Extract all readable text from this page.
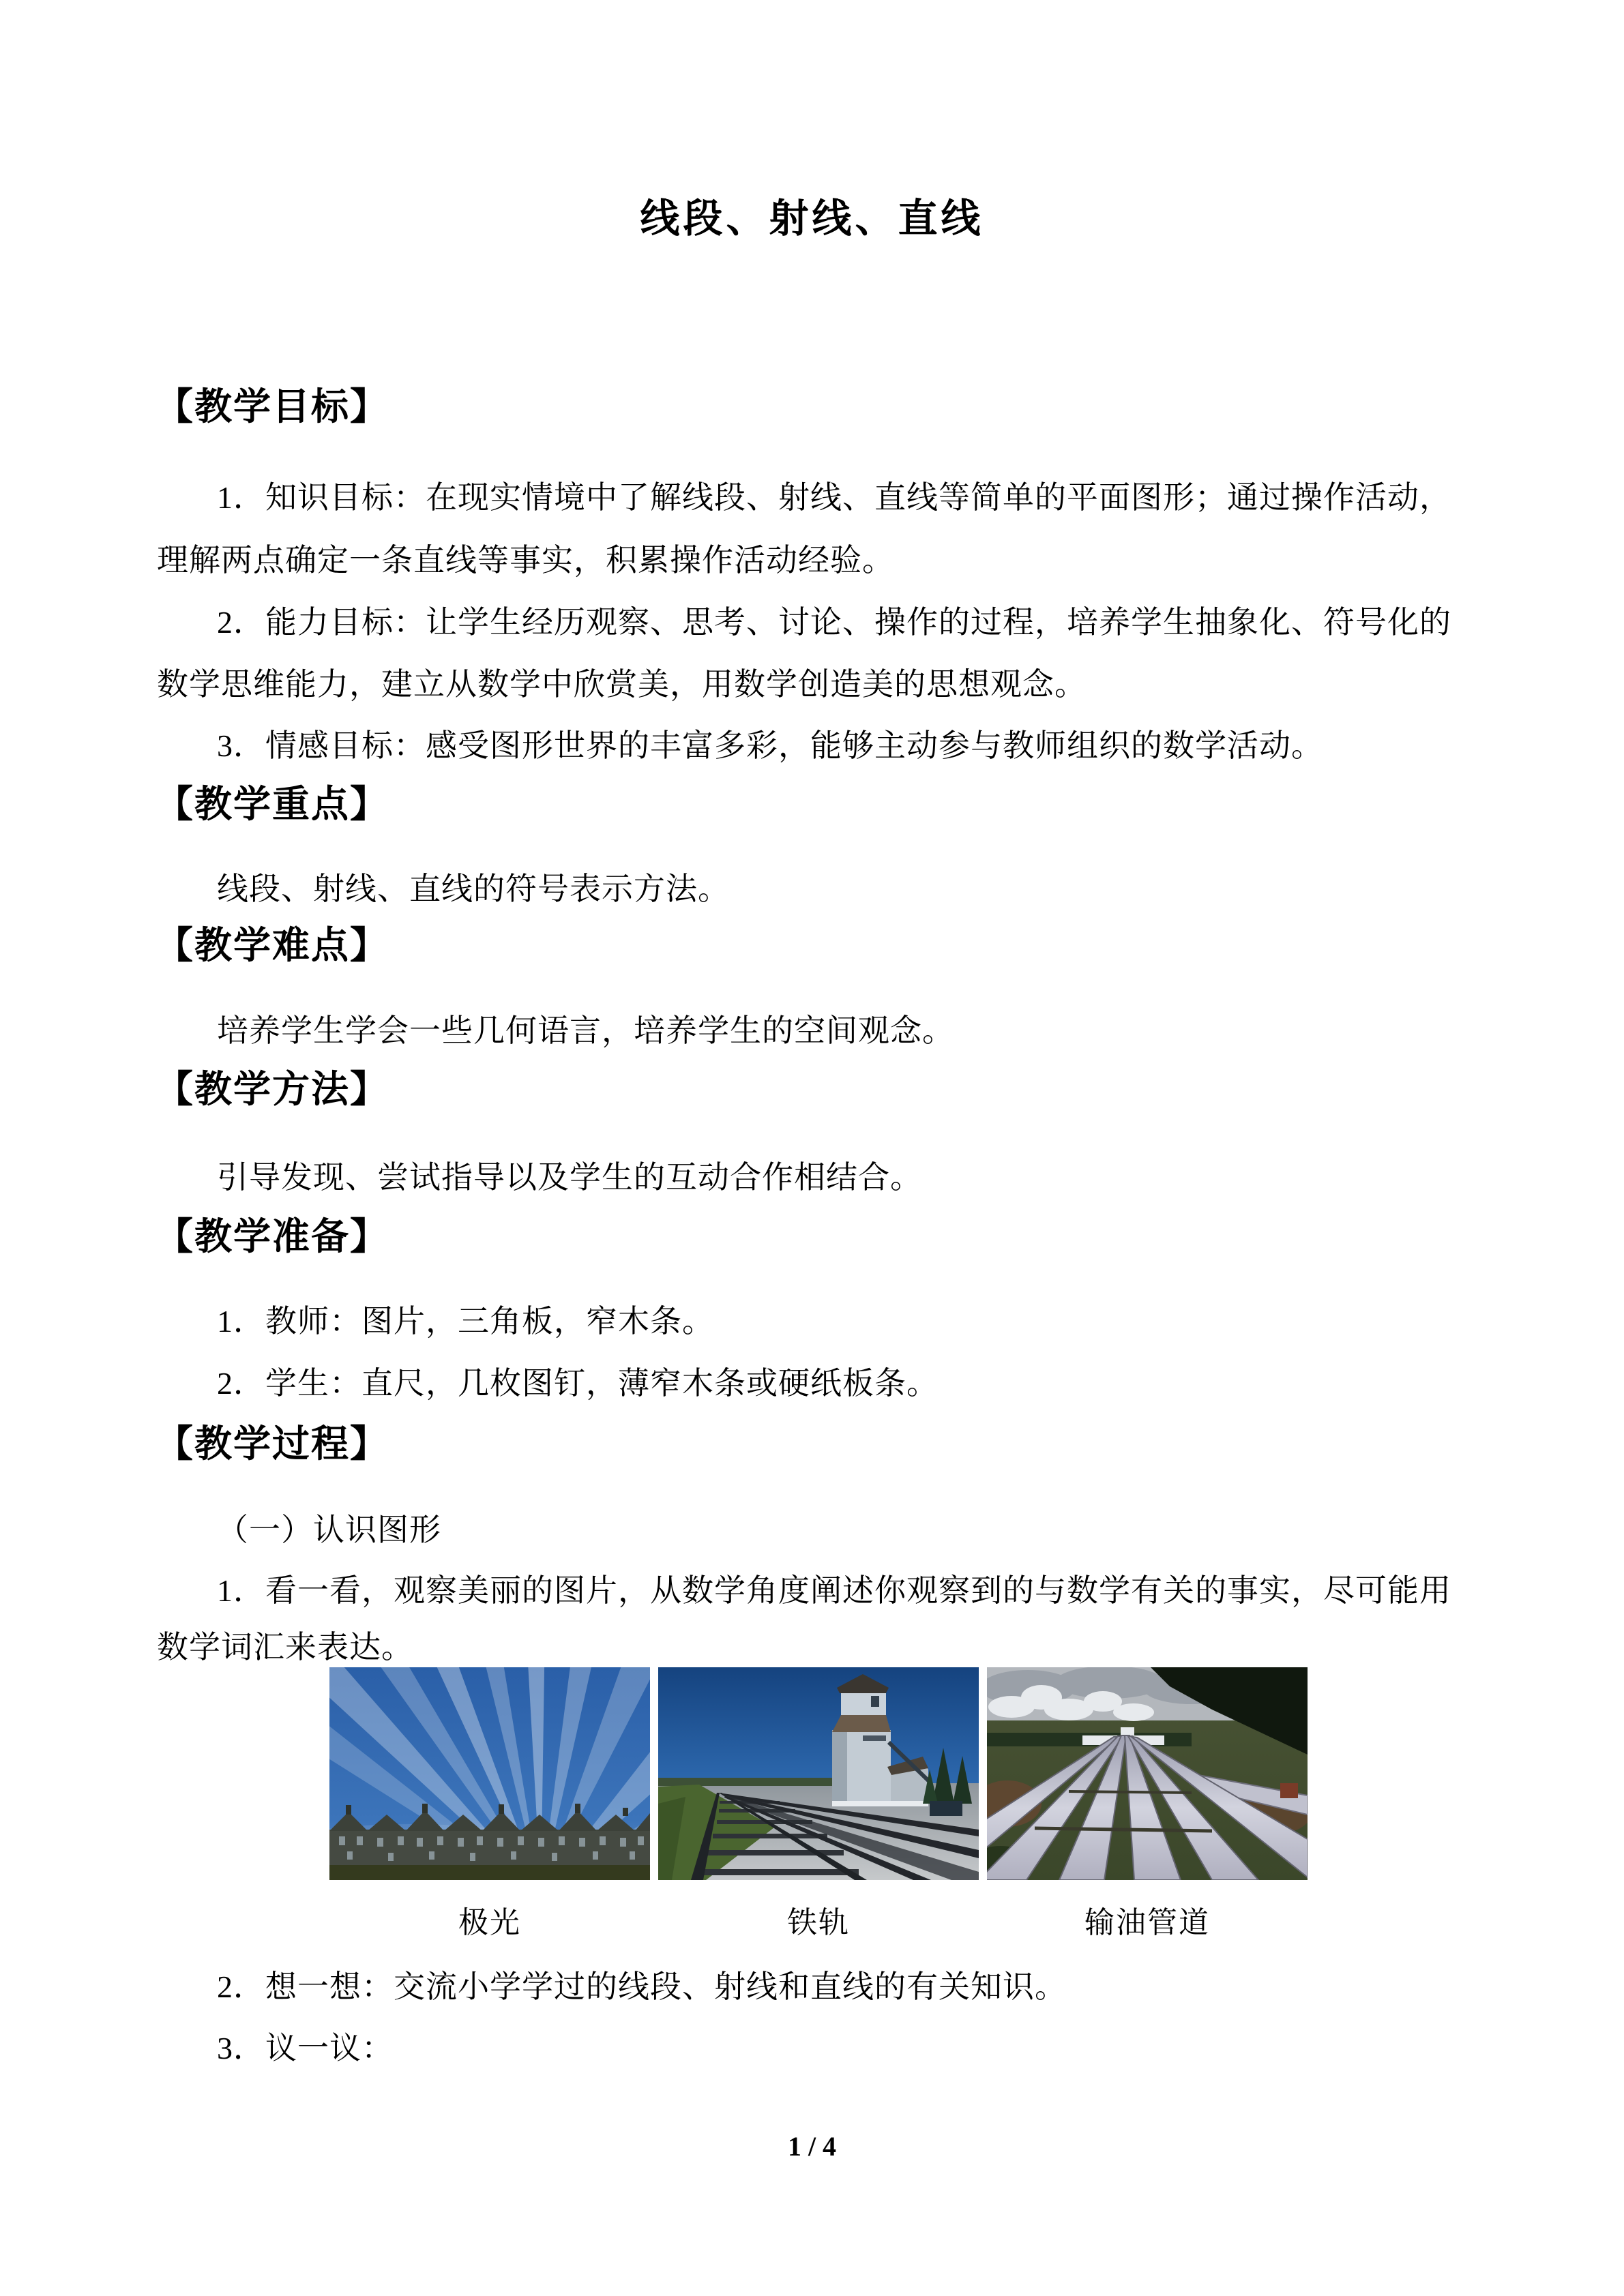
线段、射线、直线
【教学目标】
1．知识目标：在现实情境中了解线段、射线、直线等简单的平面图形；通过操作活动，
理解两点确定一条直线等事实，积累操作活动经验。
2．能力目标：让学生经历观察、思考、讨论、操作的过程，培养学生抽象化、符号化的
数学思维能力，建立从数学中欣赏美，用数学创造美的思想观念。
3．情感目标：感受图形世界的丰富多彩，能够主动参与教师组织的数学活动。
【教学重点】
线段、射线、直线的符号表示方法。
【教学难点】
培养学生学会一些几何语言，培养学生的空间观念。
【教学方法】
引导发现、尝试指导以及学生的互动合作相结合。
【教学准备】
1．教师：图片，三角板，窄木条。
2．学生：直尺，几枚图钉，薄窄木条或硬纸板条。
【教学过程】
（一）认识图形
1．看一看，观察美丽的图片，从数学角度阐述你观察到的与数学有关的事实，尽可能用
数学词汇来表达。
极光	铁轨	输油管道
2．想一想：交流小学学过的线段、射线和直线的有关知识。
3．议一议：
1 / 4
